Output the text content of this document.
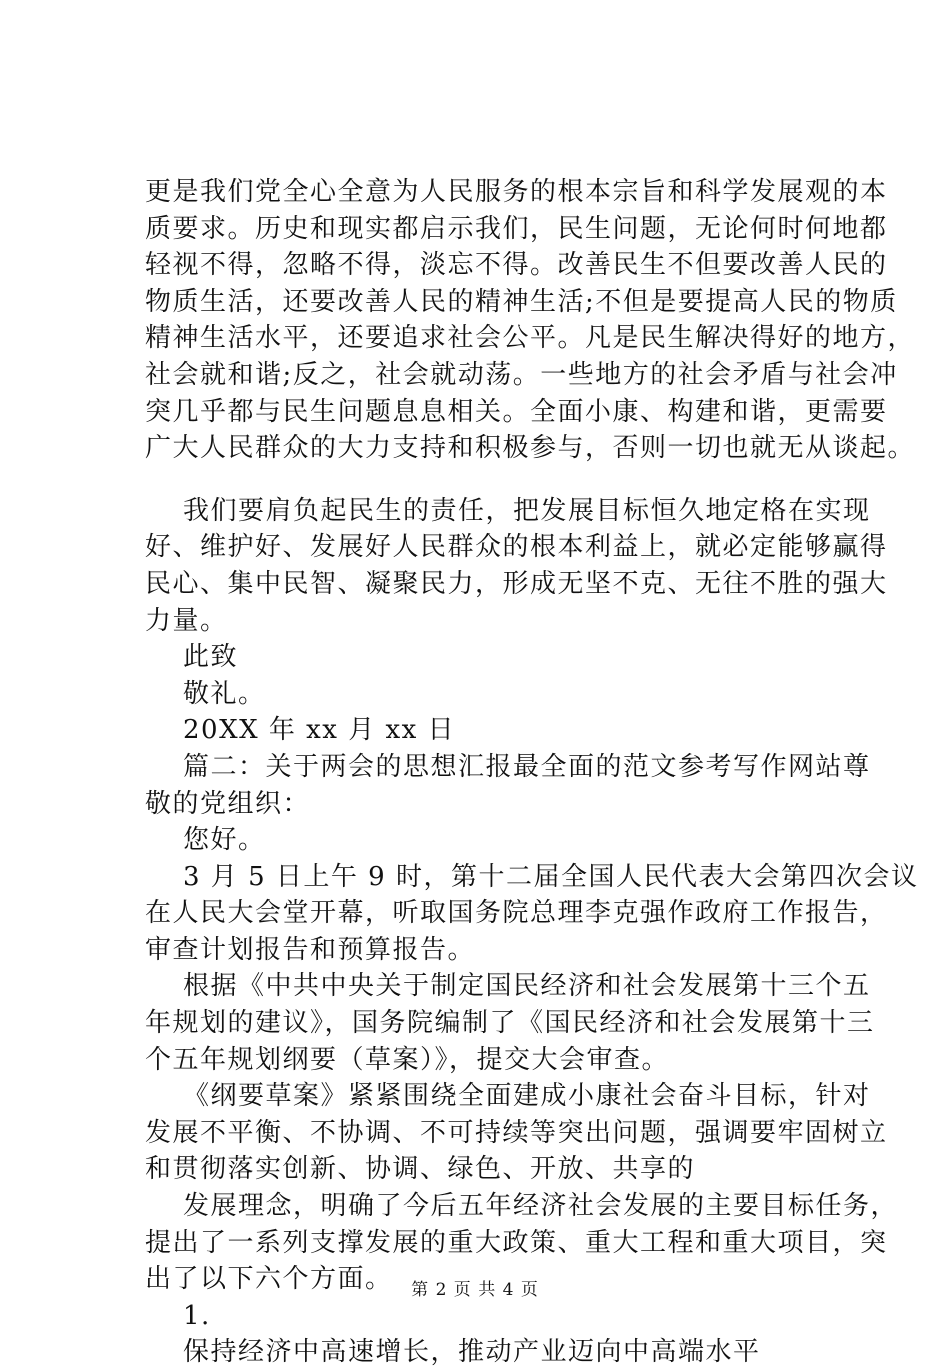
更是我们党全心全意为人民服务的根本宗旨和科学发展观的本
质要求。历史和现实都启示我们，民生问题，无论何时何地都
轻视不得，忽略不得，淡忘不得。改善民生不但要改善人民的
物质生活，还要改善人民的精神生活;不但是要提高人民的物质
精神生活水平，还要追求社会公平。凡是民生解决得好的地方，
社会就和谐;反之，社会就动荡。一些地方的社会矛盾与社会冲
突几乎都与民生问题息息相关。全面小康、构建和谐，更需要
广大人民群众的大力支持和积极参与，否则一切也就无从谈起。
我们要肩负起民生的责任，把发展目标恒久地定格在实现
好、维护好、发展好人民群众的根本利益上，就必定能够赢得
民心、集中民智、凝聚民力，形成无坚不克、无往不胜的强大
力量。
此致
敬礼。
20XX 年 xx 月 xx 日
篇二：关于两会的思想汇报最全面的范文参考写作网站尊
敬的党组织：
您好。
3 月 5 日上午 9 时，第十二届全国人民代表大会第四次会议
在人民大会堂开幕，听取国务院总理李克强作政府工作报告，
审查计划报告和预算报告。
根据《中共中央关于制定国民经济和社会发展第十三个五
年规划的建议》，国务院编制了《国民经济和社会发展第十三
个五年规划纲要（草案）》，提交大会审查。
《纲要草案》紧紧围绕全面建成小康社会奋斗目标，针对
发展不平衡、不协调、不可持续等突出问题，强调要牢固树立
和贯彻落实创新、协调、绿色、开放、共享的
发展理念，明确了今后五年经济社会发展的主要目标任务，
提出了一系列支撑发展的重大政策、重大工程和重大项目，突
出了以下六个方面。
1.
保持经济中高速增长，推动产业迈向中高端水平
第 2 页 共 4 页
